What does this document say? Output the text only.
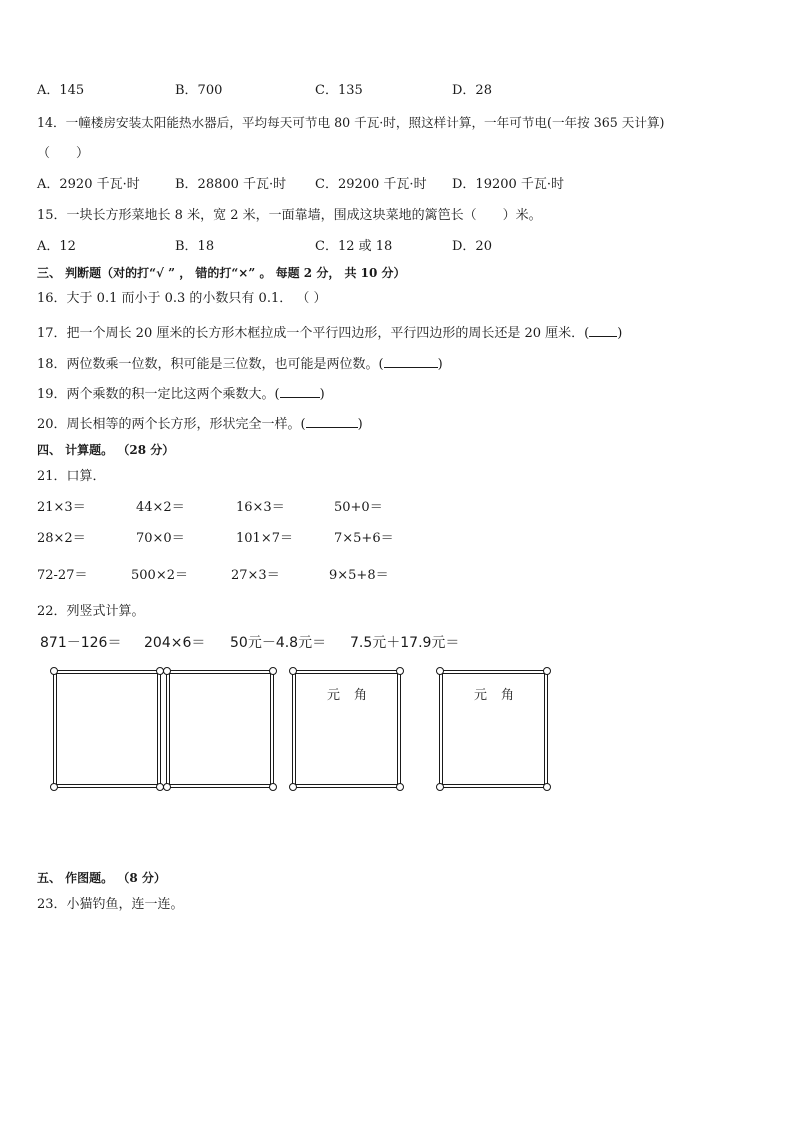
A．145	B．700	C．135	D．28
14．一幢楼房安装太阳能热水器后，平均每天可节电 80 千瓦·时，照这样计算，一年可节电(一年按 365 天计算)
（　　）
A．2920 千瓦·时	B．28800 千瓦·时 C．29200 千瓦·时 D．19200 千瓦·时
15．一块长方形菜地长 8 米，宽 2 米，一面靠墙，围成这块菜地的篱笆长（　　）米。
A．12	B．18	C．12 或 18	D．20
三、 判断题（对的打“√ ” ， 错的打“×” 。 每题 2 分， 共 10 分）
16．大于 0.1 而小于 0.3 的小数只有 0.1． （ ）
17．把一个周长 20 厘米的长方形木框拉成一个平行四边形，平行四边形的周长还是 20 厘米．( )
18．两位数乘一位数，积可能是三位数，也可能是两位数。(	)
19．两个乘数的积一定比这两个乘数大。(	)
20．周长相等的两个长方形，形状完全一样。(	)
四、 计算题。 （28 分）
21．口算．
21×3＝	44×2＝	16×3＝	50+0＝
28×2＝	70×0＝	101×7＝	7×5+6＝
72-27＝	500×2＝	27×3＝	9×5+8＝
22．列竖式计算。
871－126＝ 204×6＝ 50元－4.8元＝ 7.5元＋17.9元＝
元角	元角
五、 作图题。 （8 分）
23．小猫钓鱼，连一连。
